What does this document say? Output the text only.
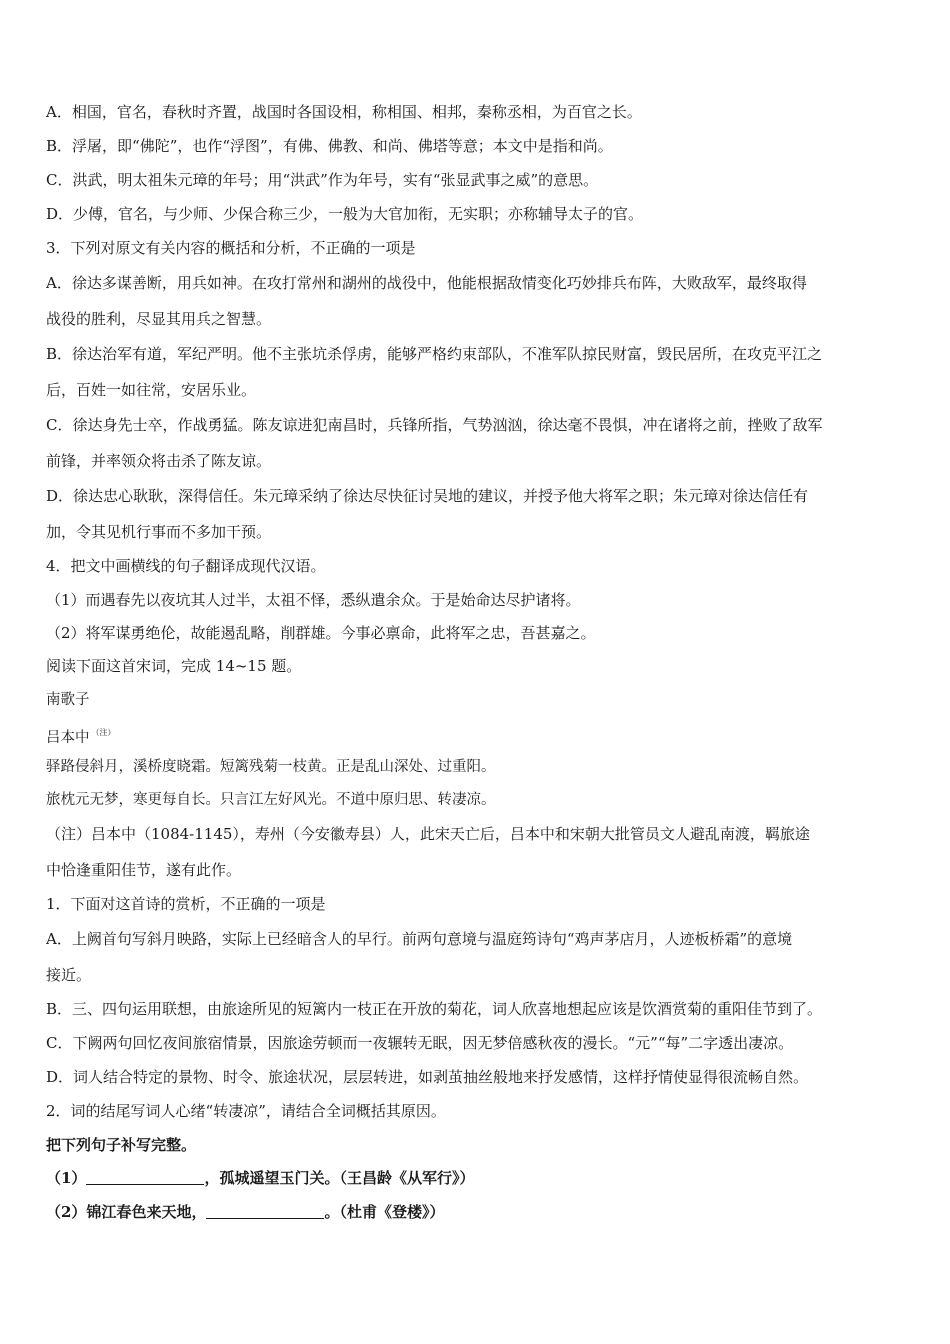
A．相国，官名，春秋时齐置，战国时各国设相，称相国、相邦，秦称丞相，为百官之长。
B．浮屠，即“佛陀”，也作“浮图”，有佛、佛教、和尚、佛塔等意；本文中是指和尚。
C．洪武，明太祖朱元璋的年号；用“洪武”作为年号，实有“张显武事之威”的意思。
D．少傅，官名，与少师、少保合称三少，一般为大官加衔，无实职；亦称辅导太子的官。
3．下列对原文有关内容的概括和分析，不正确的一项是
A．徐达多谋善断，用兵如神。在攻打常州和湖州的战役中，他能根据敌情变化巧妙排兵布阵，大败敌军，最终取得
战役的胜利，尽显其用兵之智慧。
B．徐达治军有道，军纪严明。他不主张坑杀俘虏，能够严格约束部队，不准军队掠民财富，毁民居所，在攻克平江之
后，百姓一如往常，安居乐业。
C．徐达身先士卒，作战勇猛。陈友谅进犯南昌时，兵锋所指，气势汹汹，徐达毫不畏惧，冲在诸将之前，挫败了敌军
前锋，并率领众将击杀了陈友谅。
D．徐达忠心耿耿，深得信任。朱元璋采纳了徐达尽快征讨吴地的建议，并授予他大将军之职；朱元璋对徐达信任有
加，令其见机行事而不多加干预。
4．把文中画横线的句子翻译成现代汉语。
（1）而遇春先以夜坑其人过半，太祖不怿，悉纵遣余众。于是始命达尽护诸将。
（2）将军谋勇绝伦，故能遏乱略，削群雄。今事必禀命，此将军之忠，吾甚嘉之。
阅读下面这首宋词，完成 14~15 题。
南歌子
吕本中 $^{(注)}$
驿路侵斜月，溪桥度晓霜。短篱残菊一枝黄。正是乱山深处、过重阳。
旅枕元无梦，寒更每自长。只言江左好风光。不道中原归思、转凄凉。
（注）吕本中（1084-1145），寿州（今安徽寿县）人，此宋天亡后，吕本中和宋朝大批管员文人避乱南渡，羁旅途
中恰逢重阳佳节，遂有此作。
1．下面对这首诗的赏析，不正确的一项是
A．上阙首句写斜月映路，实际上已经暗含人的早行。前两句意境与温庭筠诗句“鸡声茅店月，人迹板桥霜”的意境
接近。
B．三、四句运用联想，由旅途所见的短篱内一枝正在开放的菊花，词人欣喜地想起应该是饮酒赏菊的重阳佳节到了。
C．下阙两句回忆夜间旅宿情景，因旅途劳顿而一夜辗转无眠，因无梦倍感秋夜的漫长。“元”“每”二字透出凄凉。
D．词人结合特定的景物、时令、旅途状况，层层转进，如剥茧抽丝般地来抒发感情，这样抒情使显得很流畅自然。
2．词的结尾写词人心绪“转凄凉”，请结合全词概括其原因。
把下列句子补写完整。
（1）	，孤城遥望玉门关。（王昌龄《从军行》）
（2）锦江春色来天地，	。（杜甫《登楼》）
